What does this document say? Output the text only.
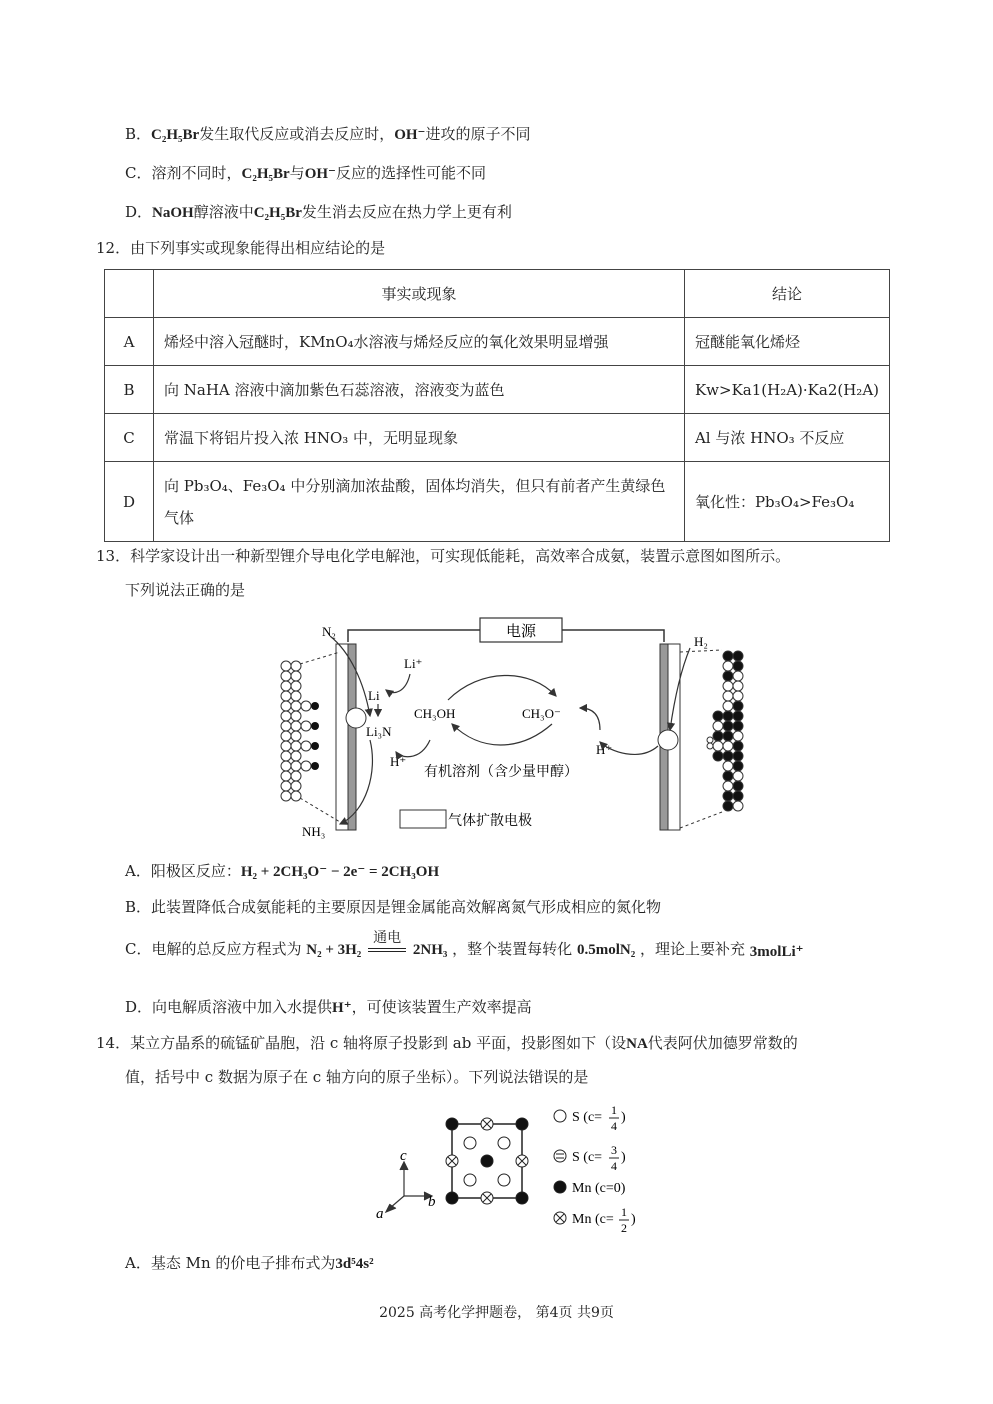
B．C₂H₅Br发生取代反应或消去反应时，OH⁻进攻的原子不同
C．溶剂不同时，C₂H₅Br与OH⁻反应的选择性可能不同
D．NaOH醇溶液中C₂H₅Br发生消去反应在热力学上更有利
12．由下列事实或现象能得出相应结论的是
	事实或现象	结论
A	烯烃中溶入冠醚时，KMnO₄水溶液与烯烃反应的氧化效果明显增强	冠醚能氧化烯烃
B	向 NaHA 溶液中滴加紫色石蕊溶液，溶液变为蓝色	Kw>Ka1(H₂A)·Ka2(H₂A)
C	常温下将铝片投入浓 HNO₃ 中，无明显现象	Al 与浓 HNO₃ 不反应
D	向 Pb₃O₄、Fe₃O₄ 中分别滴加浓盐酸，固体均消失，但只有前者产生黄绿色气体	氧化性：Pb₃O₄>Fe₃O₄
13．科学家设计出一种新型锂介导电化学电解池，可实现低能耗，高效率合成氨，装置示意图如图所示。
下列说法正确的是
电源
N₂
H₂
Li⁺
Li
Li₃N
H⁺
H⁺
CH₃OH	CH₃O⁻
有机溶剂（含少量甲醇）
NH₃
气体扩散电极
A．阳极区反应：H₂ + 2CH₃O⁻ − 2e⁻ = 2CH₃OH
B．此装置降低合成氨能耗的主要原因是锂金属能高效解离氮气形成相应的氮化物
C．电解的总反应方程式为 N₂ + 3H₂
通电
2NH₃ ，整个装置每转化 0.5molN₂ ，理论上要补充 3molLi⁺
D．向电解质溶液中加入水提供H⁺，可使该装置生产效率提高
14．某立方晶系的硫锰矿晶胞，沿 c 轴将原子投影到 ab 平面，投影图如下（设NA代表阿伏加德罗常数的
值，括号中 c 数据为原子在 c 轴方向的原子坐标）。下列说法错误的是
c
a
b
S (c= 1
4
)
S (c= 3
4
)
Mn (c=0)
Mn (c= 1
2
)
A．基态 Mn 的价电子排布式为3d⁵4s²
2025 高考化学押题卷， 第4页 共9页
